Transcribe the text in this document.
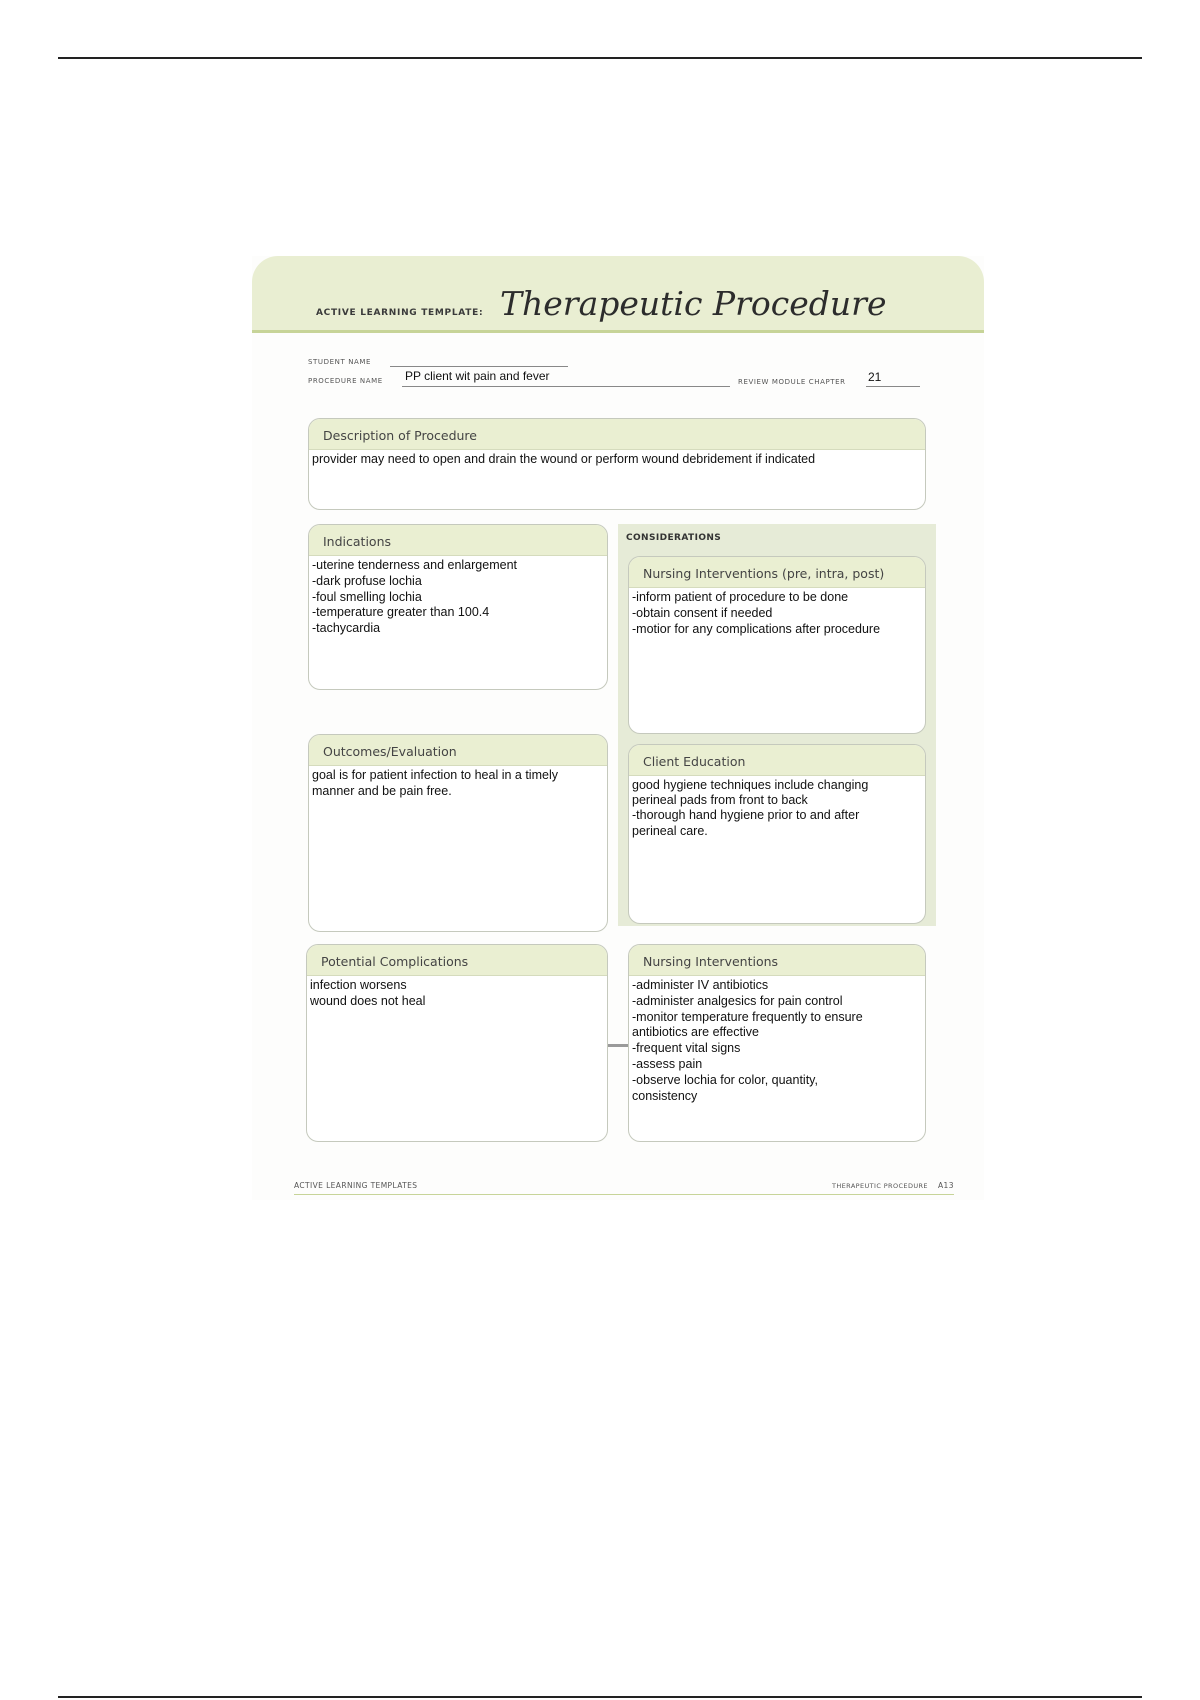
ACTIVE LEARNING TEMPLATE: Therapeutic Procedure
STUDENT NAME
PROCEDURE NAME PP client wit pain and fever	REVIEW MODULE CHAPTER 21
Description of Procedure
provider may need to open and drain the wound or perform wound debridement if indicated
CONSIDERATIONS
Indications
-uterine tenderness and enlargement
-dark profuse lochia
-foul smelling lochia
-temperature greater than 100.4
-tachycardia
Nursing Interventions (pre, intra, post)
-inform patient of procedure to be done
-obtain consent if needed
-motior for any complications after procedure
Outcomes/Evaluation
goal is for patient infection to heal in a timely
manner and be pain free.
Client Education
good hygiene techniques include changing
perineal pads from front to back
-thorough hand hygiene prior to and after
perineal care.
Potential Complications
infection worsens
wound does not heal
Nursing Interventions
-administer IV antibiotics
-administer analgesics for pain control
-monitor temperature frequently to ensure
antibiotics are effective
-frequent vital signs
-assess pain
-observe lochia for color, quantity,
consistency
ACTIVE LEARNING TEMPLATES	THERAPEUTIC PROCEDURE A13
